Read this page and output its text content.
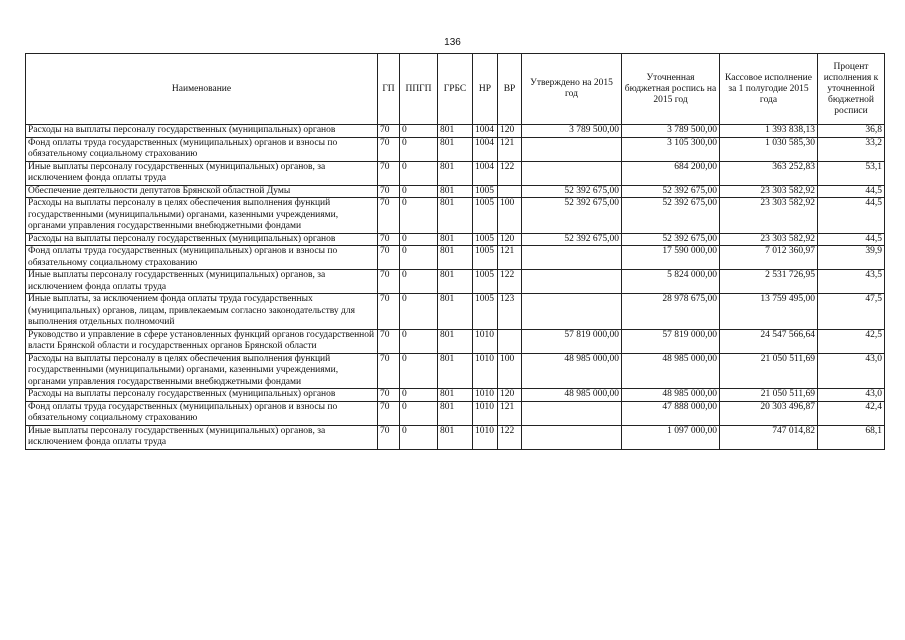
136
Наименование	ГП	ППГП	ГРБС	НР	ВР	Утверждено на 2015 год	Уточненная бюджетная роспись на 2015 год	Кассовое исполнение за 1 полугодие 2015 года	Процент исполнения к уточненной бюджетной росписи
Расходы на выплаты персоналу государственных (муниципальных) органов	70	0	801	1004	120	3 789 500,00	3 789 500,00	1 393 838,13	36,8
Фонд оплаты труда государственных (муниципальных) органов и взносы по обязательному социальному страхованию	70	0	801	1004	121		3 105 300,00	1 030 585,30	33,2
Иные выплаты персоналу государственных (муниципальных) органов, за исключением фонда оплаты труда	70	0	801	1004	122		684 200,00	363 252,83	53,1
Обеспечение деятельности депутатов Брянской областной Думы	70	0	801	1005		52 392 675,00	52 392 675,00	23 303 582,92	44,5
Расходы на выплаты персоналу в целях обеспечения выполнения функций государственными (муниципальными) органами, казенными учреждениями, органами управления государственными внебюджетными фондами	70	0	801	1005	100	52 392 675,00	52 392 675,00	23 303 582,92	44,5
Расходы на выплаты персоналу государственных (муниципальных) органов	70	0	801	1005	120	52 392 675,00	52 392 675,00	23 303 582,92	44,5
Фонд оплаты труда государственных (муниципальных) органов и взносы по обязательному социальному страхованию	70	0	801	1005	121		17 590 000,00	7 012 360,97	39,9
Иные выплаты персоналу государственных (муниципальных) органов, за исключением фонда оплаты труда	70	0	801	1005	122		5 824 000,00	2 531 726,95	43,5
Иные выплаты, за исключением фонда оплаты труда государственных (муниципальных) органов, лицам, привлекаемым согласно законодательству для выполнения отдельных полномочий	70	0	801	1005	123		28 978 675,00	13 759 495,00	47,5
Руководство и управление в сфере установленных функций органов государственной власти Брянской области и государственных органов Брянской области	70	0	801	1010		57 819 000,00	57 819 000,00	24 547 566,64	42,5
Расходы на выплаты персоналу в целях обеспечения выполнения функций государственными (муниципальными) органами, казенными учреждениями, органами управления государственными внебюджетными фондами	70	0	801	1010	100	48 985 000,00	48 985 000,00	21 050 511,69	43,0
Расходы на выплаты персоналу государственных (муниципальных) органов	70	0	801	1010	120	48 985 000,00	48 985 000,00	21 050 511,69	43,0
Фонд оплаты труда государственных (муниципальных) органов и взносы по обязательному социальному страхованию	70	0	801	1010	121		47 888 000,00	20 303 496,87	42,4
Иные выплаты персоналу государственных (муниципальных) органов, за исключением фонда оплаты труда	70	0	801	1010	122		1 097 000,00	747 014,82	68,1
